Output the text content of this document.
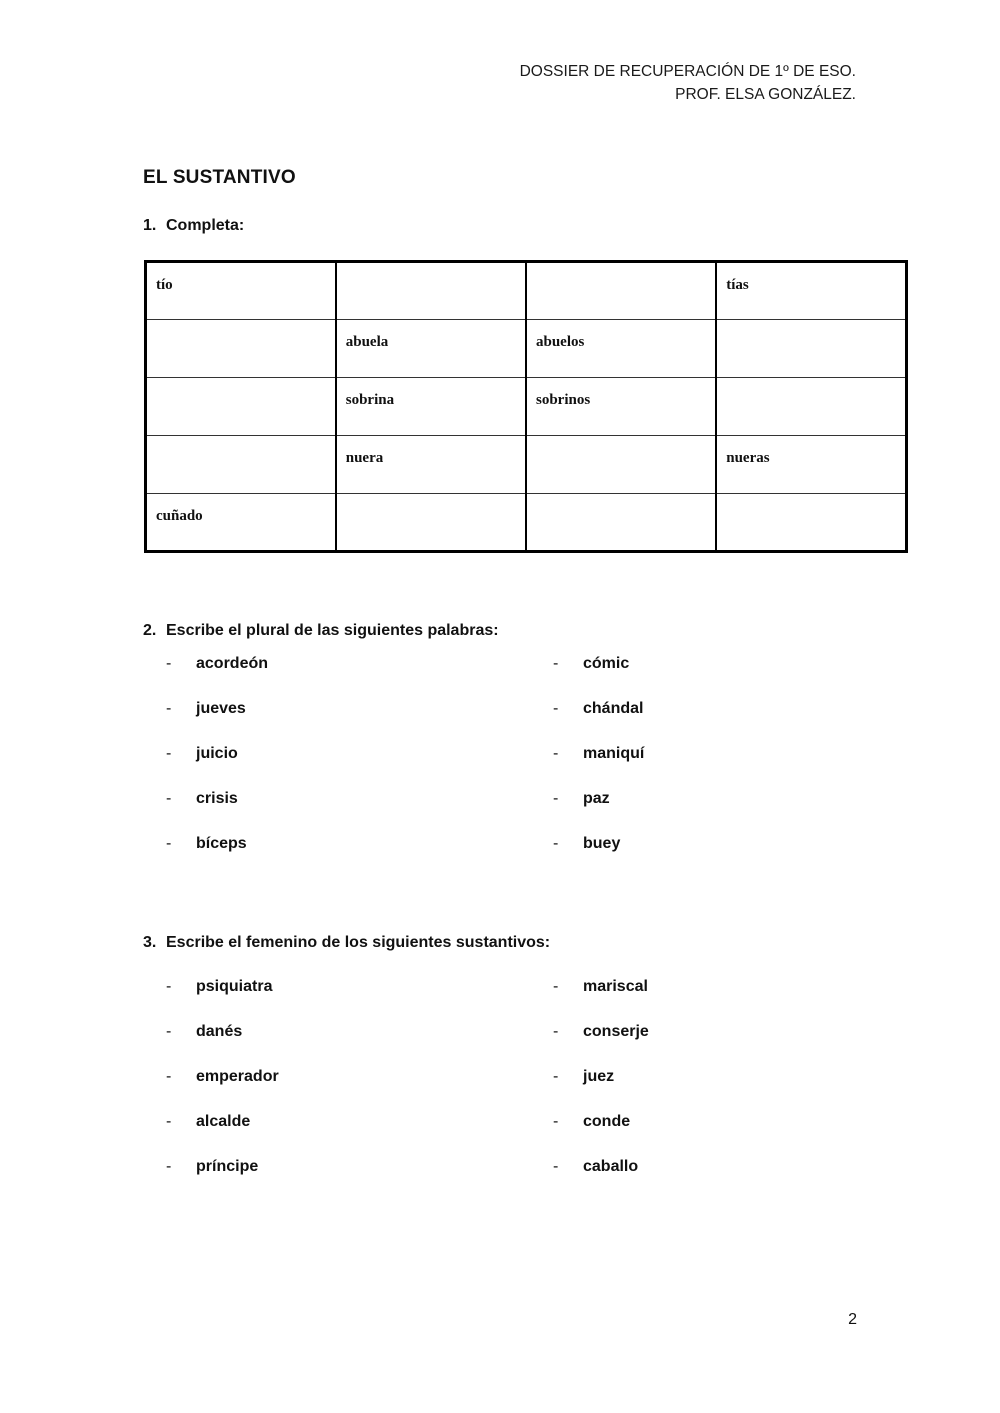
DOSSIER DE RECUPERACIÓN DE 1º DE ESO.
PROF. ELSA GONZÁLEZ.
EL SUSTANTIVO
1. Completa:
tío			tías

	abuela	abuelos	

	sobrina	sobrinos	

	nuera		nueras

cuñado			

2. Escribe el plural de las siguientes palabras:
- acordeón
- jueves
- juicio
- crisis
- bíceps
- cómic
- chándal
- maniquí
- paz
- buey
3. Escribe el femenino de los siguientes sustantivos:
- psiquiatra
- danés
- emperador
- alcalde
- príncipe
- mariscal
- conserje
- juez
- conde
- caballo
2
